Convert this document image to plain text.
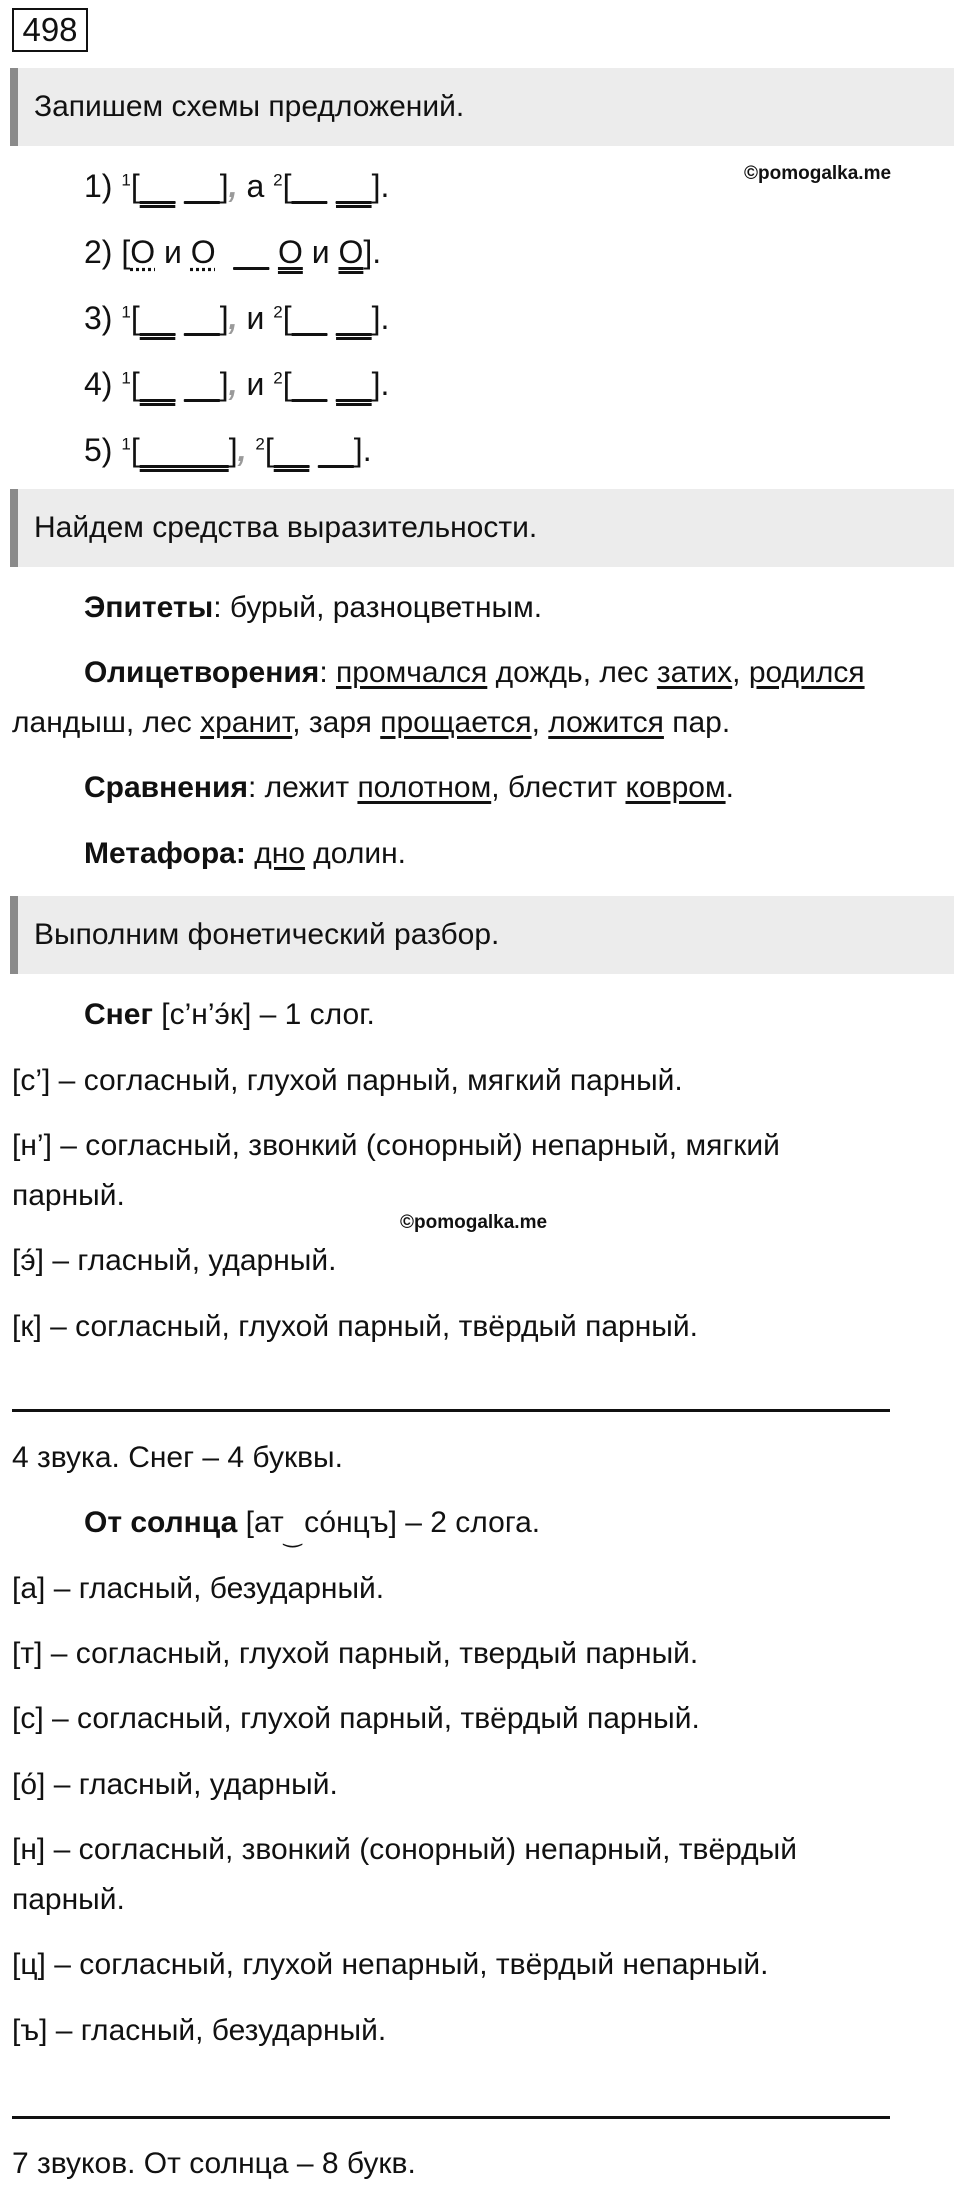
498
Запишем схемы предложений.
©pomogalka.me
1) $^1$[__ __], а $^2$[__ __].
2) [О и О __ О и О].
3) $^1$[__ __], и $^2$[__ __].
4) $^1$[__ __], и $^2$[__ __].
5) $^1$[_____], $^2$[__ __].
Найдем средства выразительности.
Эпитеты: бурый, разноцветным.
Олицетворения: промчался дождь, лес затих, родился
ландыш, лес хранит, заря прощается, ложится пар.
Сравнения: лежит полотном, блестит ковром.
Метафора: дно долин.
Выполним фонетический разбор.
Снег [с’н’э́к] – 1 слог.
[с’] – согласный, глухой парный, мягкий парный.
[н’] – согласный, звонкий (сонорный) непарный, мягкий
парный.
©pomogalka.me
[э́] – гласный, ударный.
[к] – согласный, глухой парный, твёрдый парный.
4 звука. Снег – 4 буквы.
От солнца [ат‿ со́нцъ] – 2 слога.
[а] – гласный, безударный.
[т] – согласный, глухой парный, твердый парный.
[с] – согласный, глухой парный, твёрдый парный.
[о́] – гласный, ударный.
[н] – согласный, звонкий (сонорный) непарный, твёрдый
парный.
[ц] – согласный, глухой непарный, твёрдый непарный.
[ъ] – гласный, безударный.
7 звуков. От солнца – 8 букв.
